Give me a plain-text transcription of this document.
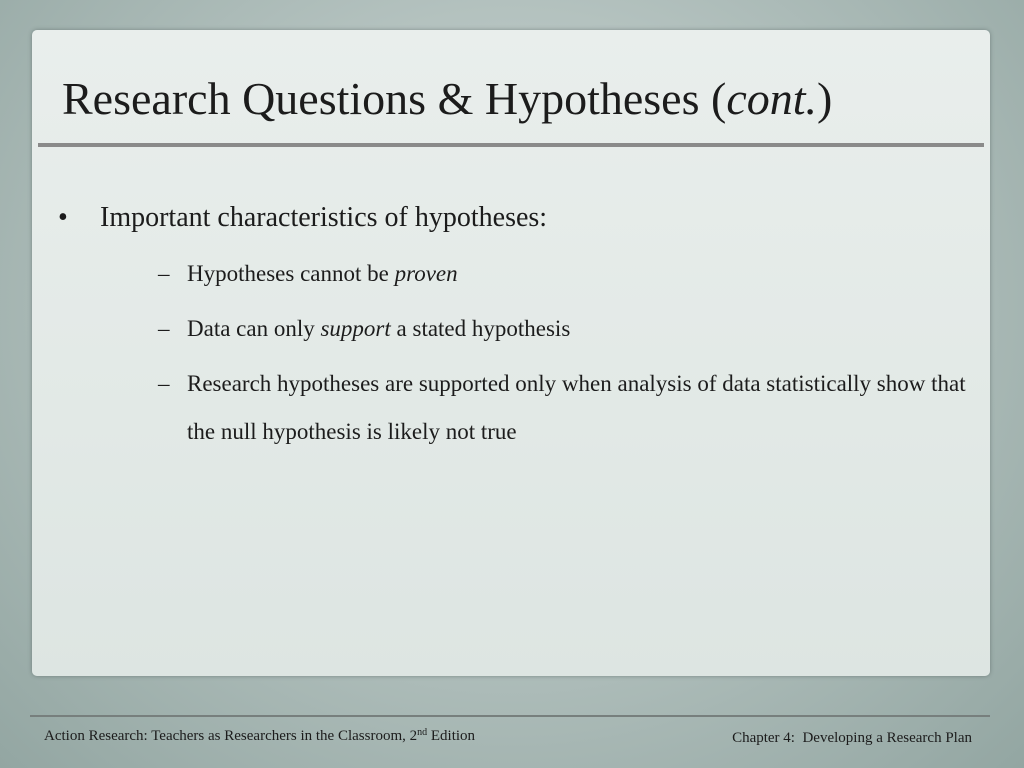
Research Questions & Hypotheses (cont.)
• Important characteristics of hypotheses:
– Hypotheses cannot be proven
– Data can only support a stated hypothesis
– Research hypotheses are supported only when analysis of data statistically show that the null hypothesis is likely not true
Action Research: Teachers as Researchers in the Classroom, 2nd Edition	Chapter 4:  Developing a Research Plan
